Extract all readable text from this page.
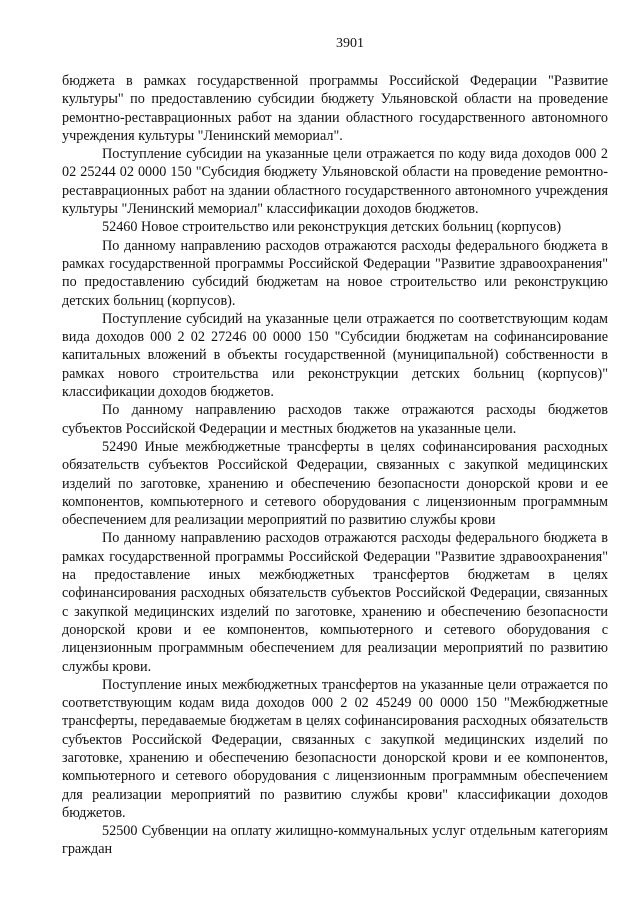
3901

бюджета в рамках государственной программы Российской Федерации "Развитие культуры" по предоставлению субсидии бюджету Ульяновской области на проведение ремонтно-реставрационных работ на здании областного государственного автономного учреждения культуры "Ленинский мемориал".

Поступление субсидии на указанные цели отражается по коду вида доходов 000 2 02 25244 02 0000 150 "Субсидия бюджету Ульяновской области на проведение ремонтно-реставрационных работ на здании областного государственного автономного учреждения культуры "Ленинский мемориал" классификации доходов бюджетов.

52460 Новое строительство или реконструкция детских больниц (корпусов)

По данному направлению расходов отражаются расходы федерального бюджета в рамках государственной программы Российской Федерации "Развитие здравоохранения" по предоставлению субсидий бюджетам на новое строительство или реконструкцию детских больниц (корпусов).

Поступление субсидий на указанные цели отражается по соответствующим кодам вида доходов 000 2 02 27246 00 0000 150 "Субсидии бюджетам на софинансирование капитальных вложений в объекты государственной (муниципальной) собственности в рамках нового строительства или реконструкции детских больниц (корпусов)" классификации доходов бюджетов.

По данному направлению расходов также отражаются расходы бюджетов субъектов Российской Федерации и местных бюджетов на указанные цели.

52490 Иные межбюджетные трансферты в целях софинансирования расходных обязательств субъектов Российской Федерации, связанных с закупкой медицинских изделий по заготовке, хранению и обеспечению безопасности донорской крови и ее компонентов, компьютерного и сетевого оборудования с лицензионным программным обеспечением для реализации мероприятий по развитию службы крови

По данному направлению расходов отражаются расходы федерального бюджета в рамках государственной программы Российской Федерации "Развитие здравоохранения" на предоставление иных межбюджетных трансфертов бюджетам в целях софинансирования расходных обязательств субъектов Российской Федерации, связанных с закупкой медицинских изделий по заготовке, хранению и обеспечению безопасности донорской крови и ее компонентов, компьютерного и сетевого оборудования с лицензионным программным обеспечением для реализации мероприятий по развитию службы крови.

Поступление иных межбюджетных трансфертов на указанные цели отражается по соответствующим кодам вида доходов 000 2 02 45249 00 0000 150 "Межбюджетные трансферты, передаваемые бюджетам в целях софинансирования расходных обязательств субъектов Российской Федерации, связанных с закупкой медицинских изделий по заготовке, хранению и обеспечению безопасности донорской крови и ее компонентов, компьютерного и сетевого оборудования с лицензионным программным обеспечением для реализации мероприятий по развитию службы крови" классификации доходов бюджетов.

52500 Субвенции на оплату жилищно-коммунальных услуг отдельным категориям граждан
